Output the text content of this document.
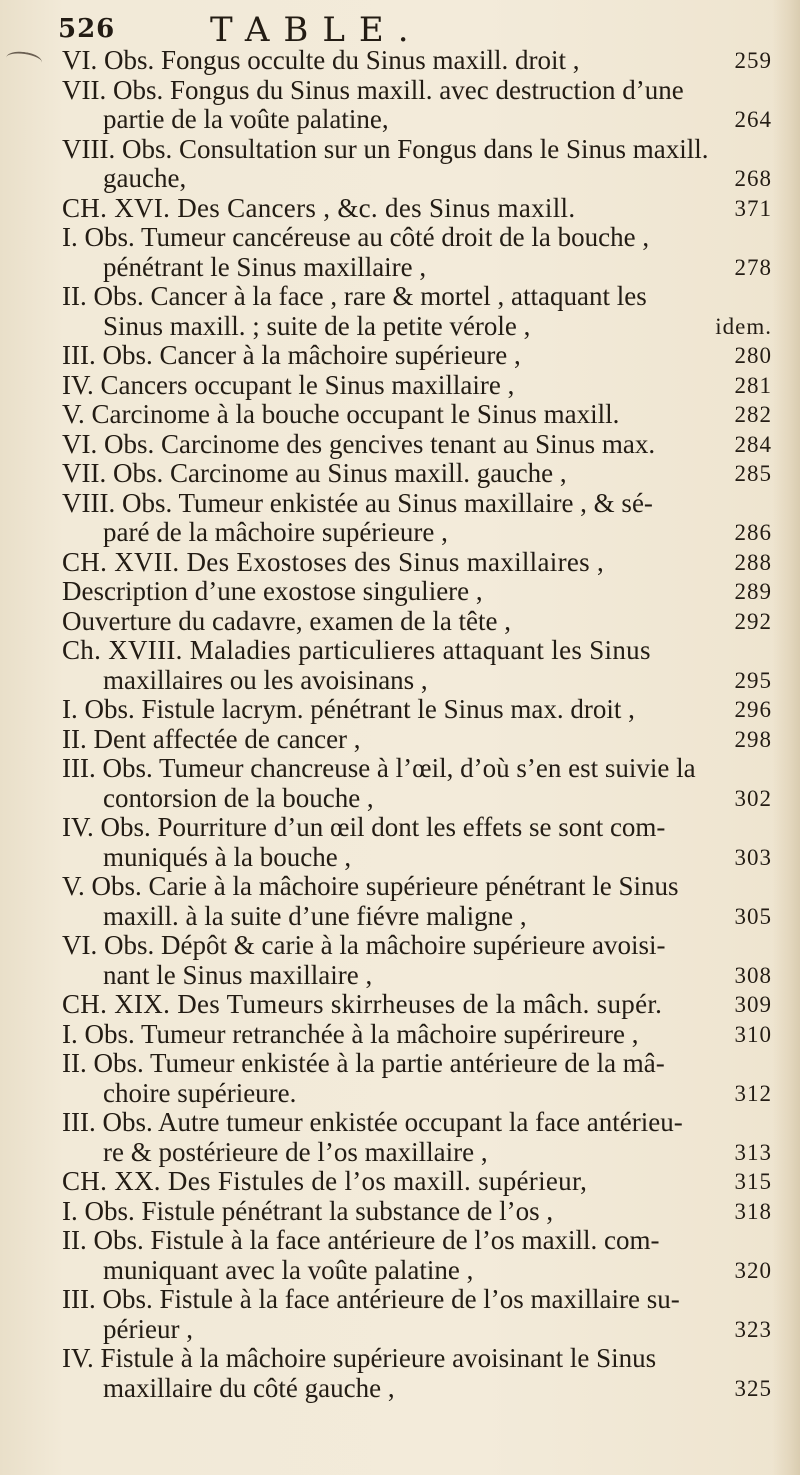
526	TABLE.
VI. Obs. Fongus occulte du Sinus maxill. droit ,	259
VII. Obs. Fongus du Sinus maxill. avec destruction d’une
partie de la voûte palatine,	264
VIII. Obs. Consultation sur un Fongus dans le Sinus maxill.
gauche,	268
CH. XVI. Des Cancers , &c. des Sinus maxill.	371
I. Obs. Tumeur cancéreuse au côté droit de la bouche ,
pénétrant le Sinus maxillaire ,	278
II. Obs. Cancer à la face , rare & mortel , attaquant les
Sinus maxill. ; suite de la petite vérole ,	idem.
III. Obs. Cancer à la mâchoire supérieure ,	280
IV. Cancers occupant le Sinus maxillaire ,	281
V. Carcinome à la bouche occupant le Sinus maxill.	282
VI. Obs. Carcinome des gencives tenant au Sinus max.	284
VII. Obs. Carcinome au Sinus maxill. gauche ,	285
VIII. Obs. Tumeur enkistée au Sinus maxillaire , & sé-
paré de la mâchoire supérieure ,	286
CH. XVII. Des Exostoses des Sinus maxillaires ,	288
Description d’une exostose singuliere ,	289
Ouverture du cadavre, examen de la tête ,	292
Ch. XVIII. Maladies particulieres attaquant les Sinus
maxillaires ou les avoisinans ,	295
I. Obs. Fistule lacrym. pénétrant le Sinus max. droit ,	296
II. Dent affectée de cancer ,	298
III. Obs. Tumeur chancreuse à l’œil, d’où s’en est suivie la
contorsion de la bouche ,	302
IV. Obs. Pourriture d’un œil dont les effets se sont com-
muniqués à la bouche ,	303
V. Obs. Carie à la mâchoire supérieure pénétrant le Sinus
maxill. à la suite d’une fiévre maligne ,	305
VI. Obs. Dépôt & carie à la mâchoire supérieure avoisi-
nant le Sinus maxillaire ,	308
CH. XIX. Des Tumeurs skirrheuses de la mâch. supér.	309
I. Obs. Tumeur retranchée à la mâchoire supérireure ,	310
II. Obs. Tumeur enkistée à la partie antérieure de la mâ-
choire supérieure.	312
III. Obs. Autre tumeur enkistée occupant la face antérieu-
re & postérieure de l’os maxillaire ,	313
CH. XX. Des Fistules de l’os maxill. supérieur,	315
I. Obs. Fistule pénétrant la substance de l’os ,	318
II. Obs. Fistule à la face antérieure de l’os maxill. com-
muniquant avec la voûte palatine ,	320
III. Obs. Fistule à la face antérieure de l’os maxillaire su-
périeur ,	323
IV. Fistule à la mâchoire supérieure avoisinant le Sinus
maxillaire du côté gauche ,	325
